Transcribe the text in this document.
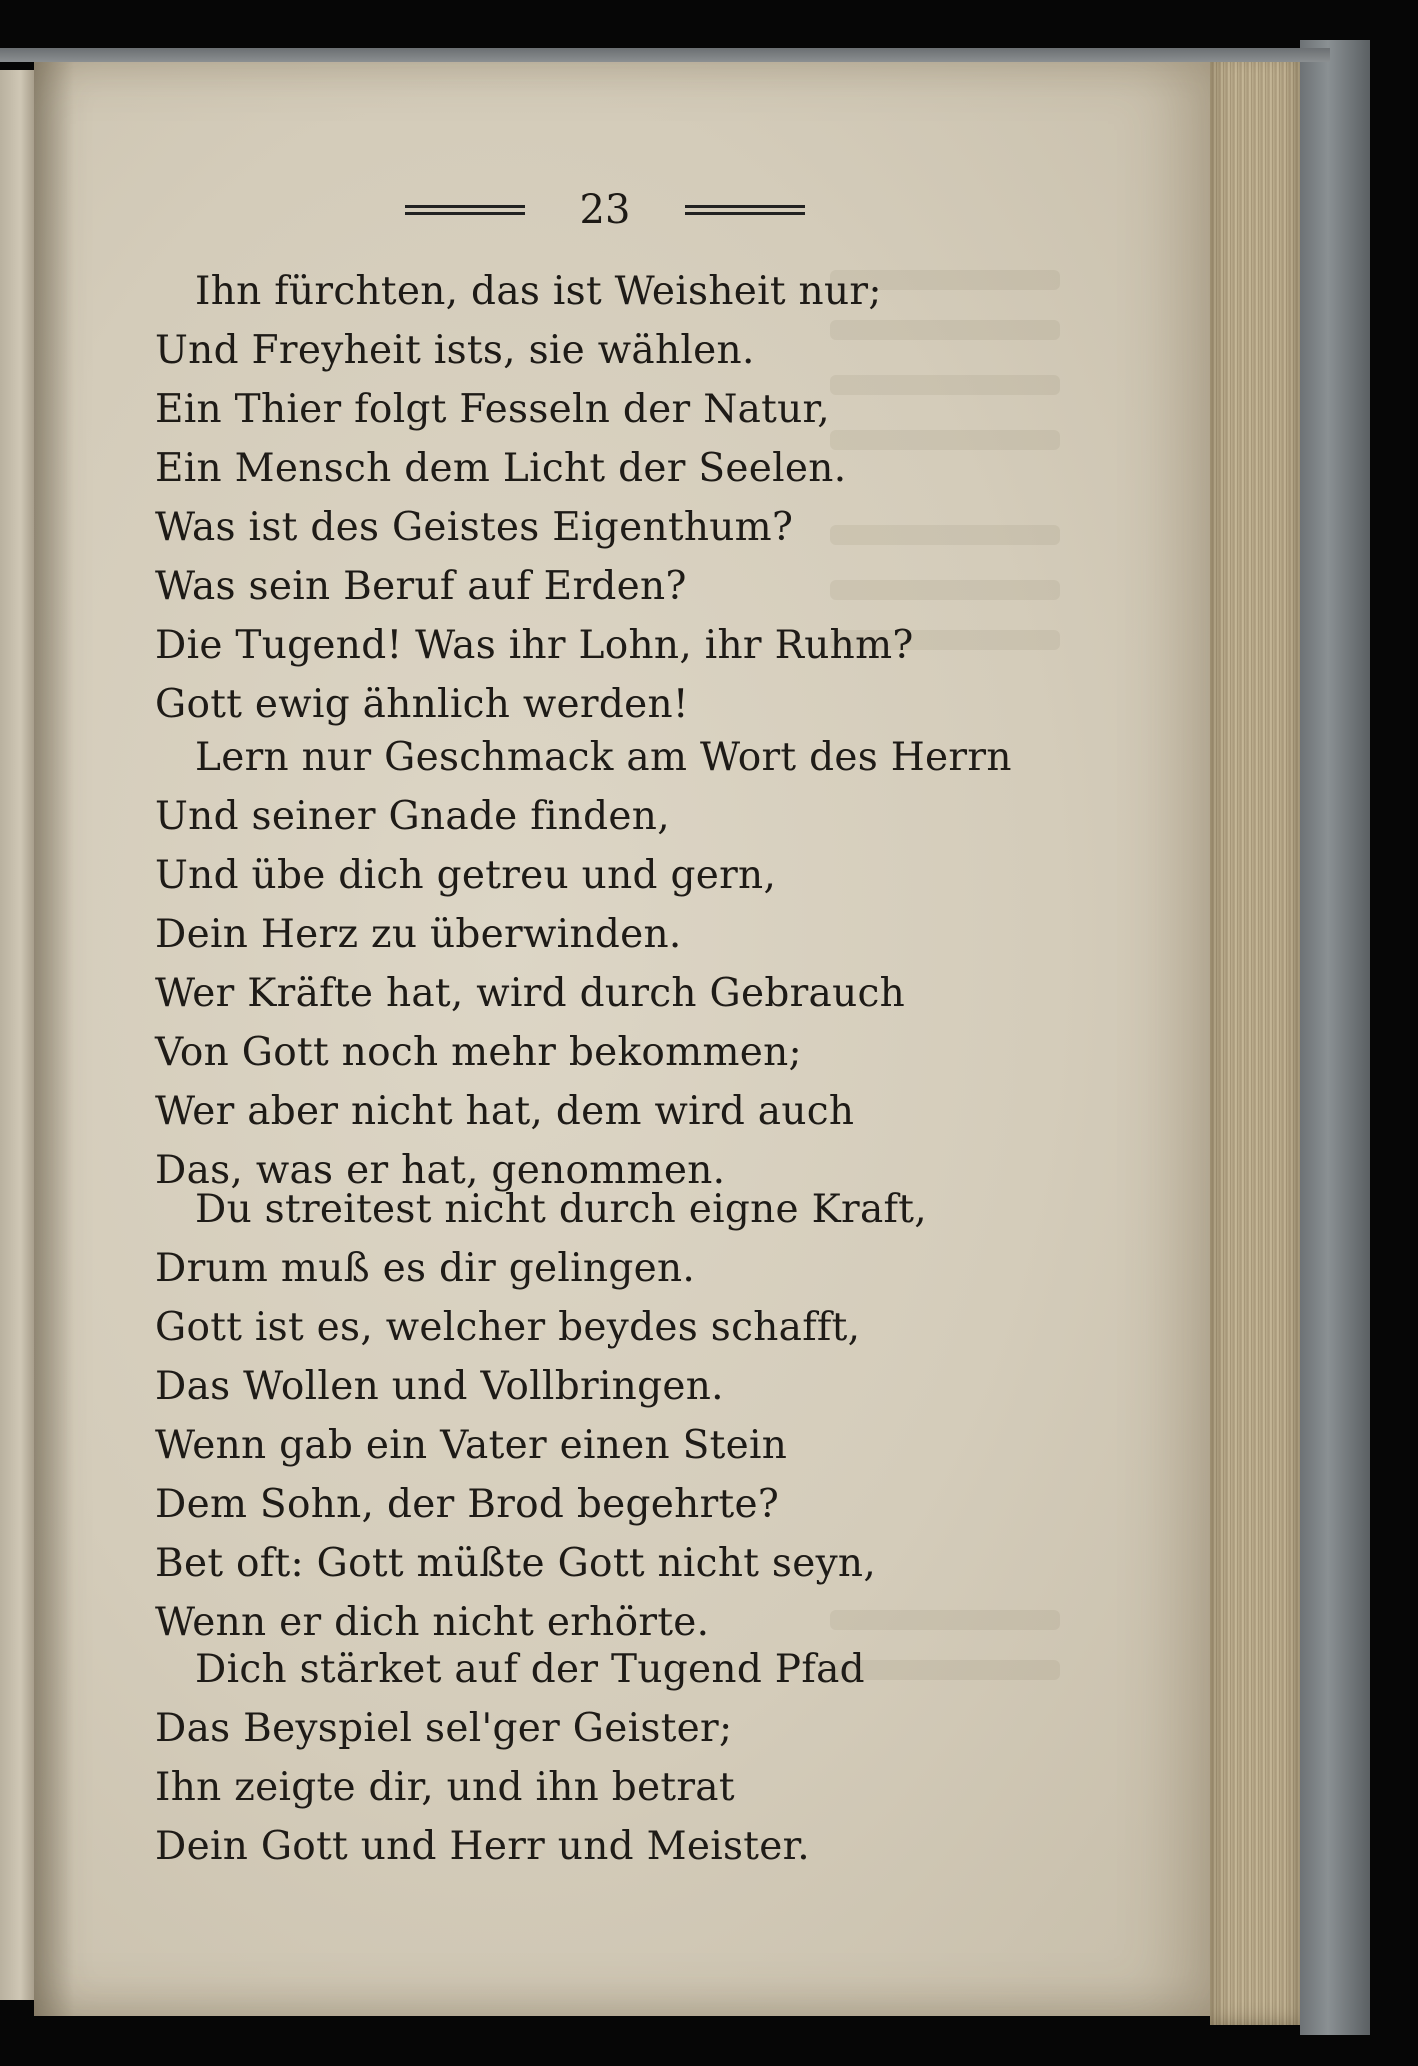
23
Ihn fürchten, das ist Weisheit nur;
Und Freyheit ists, sie wählen.
Ein Thier folgt Fesseln der Natur,
Ein Mensch dem Licht der Seelen.
Was ist des Geistes Eigenthum?
Was sein Beruf auf Erden?
Die Tugend! Was ihr Lohn, ihr Ruhm?
Gott ewig ähnlich werden!
Lern nur Geschmack am Wort des Herrn
Und seiner Gnade finden,
Und übe dich getreu und gern,
Dein Herz zu überwinden.
Wer Kräfte hat, wird durch Gebrauch
Von Gott noch mehr bekommen;
Wer aber nicht hat, dem wird auch
Das, was er hat, genommen.
Du streitest nicht durch eigne Kraft,
Drum muß es dir gelingen.
Gott ist es, welcher beydes schafft,
Das Wollen und Vollbringen.
Wenn gab ein Vater einen Stein
Dem Sohn, der Brod begehrte?
Bet oft: Gott müßte Gott nicht seyn,
Wenn er dich nicht erhörte.
Dich stärket auf der Tugend Pfad
Das Beyspiel sel'ger Geister;
Ihn zeigte dir, und ihn betrat
Dein Gott und Herr und Meister.
